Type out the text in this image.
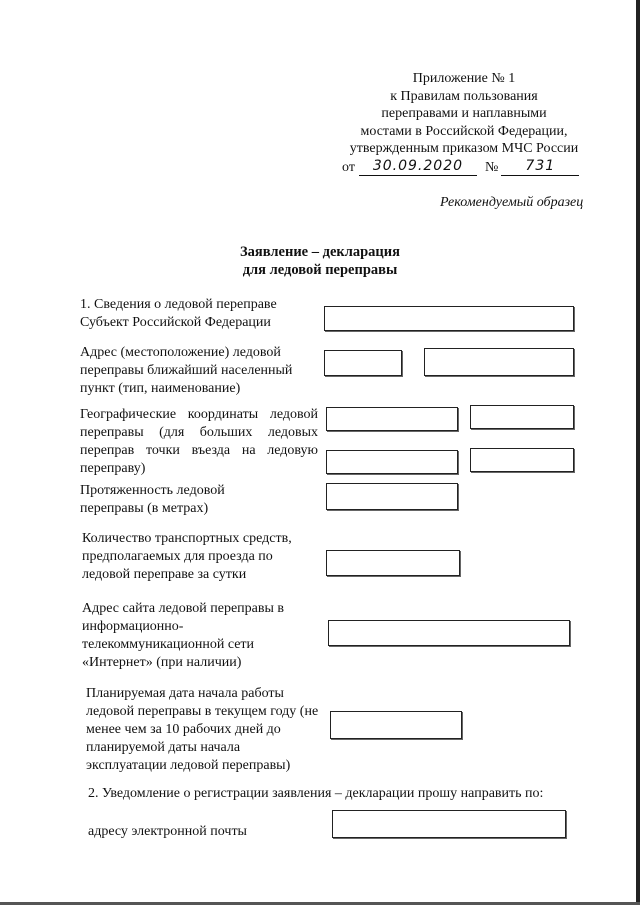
Приложение № 1
к Правилам пользования
переправами и наплавными
мостами в Российской Федерации,
утвержденным приказом МЧС России
от	30.09.2020	№	731
Рекомендуемый образец
Заявление – декларация
для ледовой переправы
1. Сведения о ледовой переправе
Субъект Российской Федерации
Адрес (местоположение) ледовой переправы ближайший населенный пункт (тип, наименование)
Географические координаты ледовой переправы (для больших ледовых переправ точки въезда на ледовую переправу)
Протяженность ледовой переправы (в метрах)
Количество транспортных средств, предполагаемых для проезда по ледовой переправе за сутки
Адрес сайта ледовой переправы в информационно-телекоммуникационной сети «Интернет» (при наличии)
Планируемая дата начала работы ледовой переправы в текущем году (не менее чем за 10 рабочих дней до планируемой даты начала эксплуатации ледовой переправы)
2. Уведомление о регистрации заявления – декларации прошу направить по:
адресу электронной почты
